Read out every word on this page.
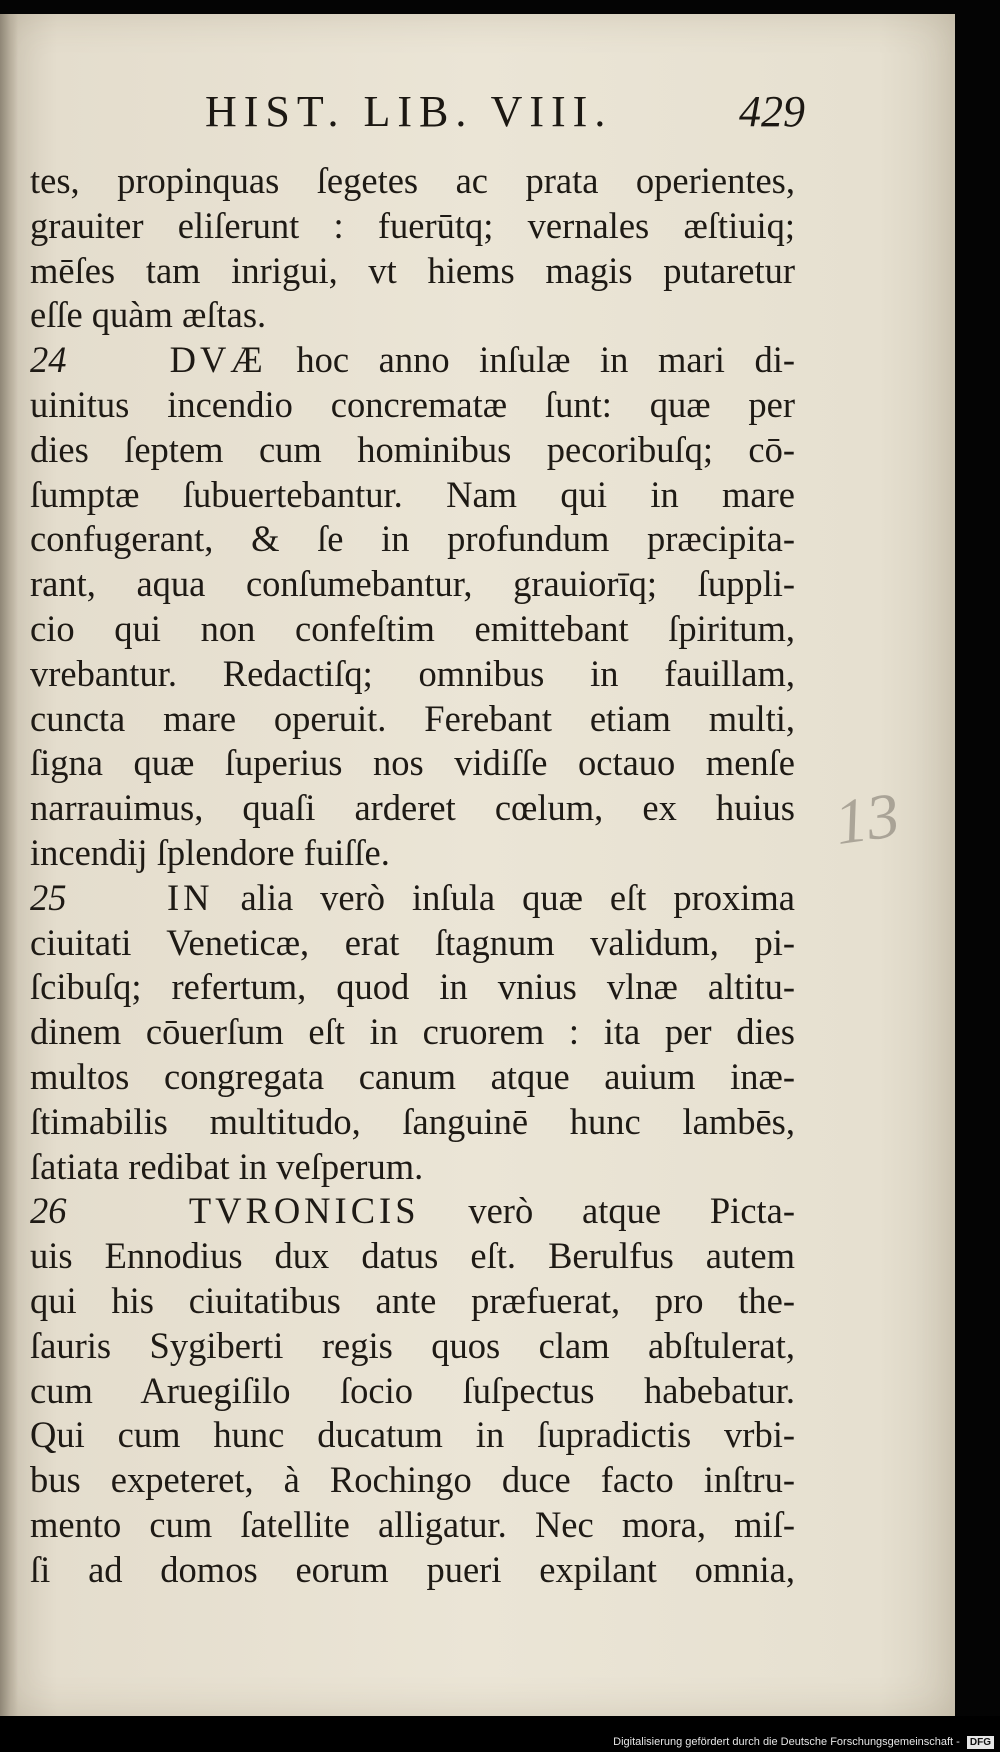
HIST. LIB. VIII.	429
tes, propinquas ſegetes ac prata operientes,
grauiter eliſerunt : fuerūtq; vernales æſtiuiq;
mēſes tam inrigui, vt hiems magis putaretur
eſſe quàm æſtas.
24	DVÆ hoc anno inſulæ in mari di-
uinitus incendio concrematæ ſunt: quæ per
dies ſeptem cum hominibus pecoribuſq; cō-
ſumptæ ſubuertebantur. Nam qui in mare
confugerant, & ſe in profundum præcipita-
rant, aqua conſumebantur, grauiorīq; ſuppli-
cio qui non confeſtim emittebant ſpiritum,
vrebantur. Redactiſq; omnibus in fauillam,
cuncta mare operuit. Ferebant etiam multi,
ſigna quæ ſuperius nos vidiſſe octauo menſe
narrauimus, quaſi arderet cœlum, ex huius
incendij ſplendore fuiſſe.
25	IN alia verò inſula quæ eſt proxima
ciuitati Veneticæ, erat ſtagnum validum, pi-
ſcibuſq; refertum, quod in vnius vlnæ altitu-
dinem cōuerſum eſt in cruorem : ita per dies
multos congregata canum atque auium inæ-
ſtimabilis multitudo, ſanguinē hunc lambēs,
ſatiata redibat in veſperum.
26	TVRONICIS verò atque Picta-
uis Ennodius dux datus eſt. Berulfus autem
qui his ciuitatibus ante præfuerat, pro the-
ſauris Sygiberti regis quos clam abſtulerat,
cum Aruegiſilo ſocio ſuſpectus habebatur.
Qui cum hunc ducatum in ſupradictis vrbi-
bus expeteret, à Rochingo duce facto inſtru-
mento cum ſatellite alligatur. Nec mora, miſ-
ſi ad domos eorum pueri expilant omnia,
13
Digitalisierung gefördert durch die Deutsche Forschungsgemeinschaft - DFG
